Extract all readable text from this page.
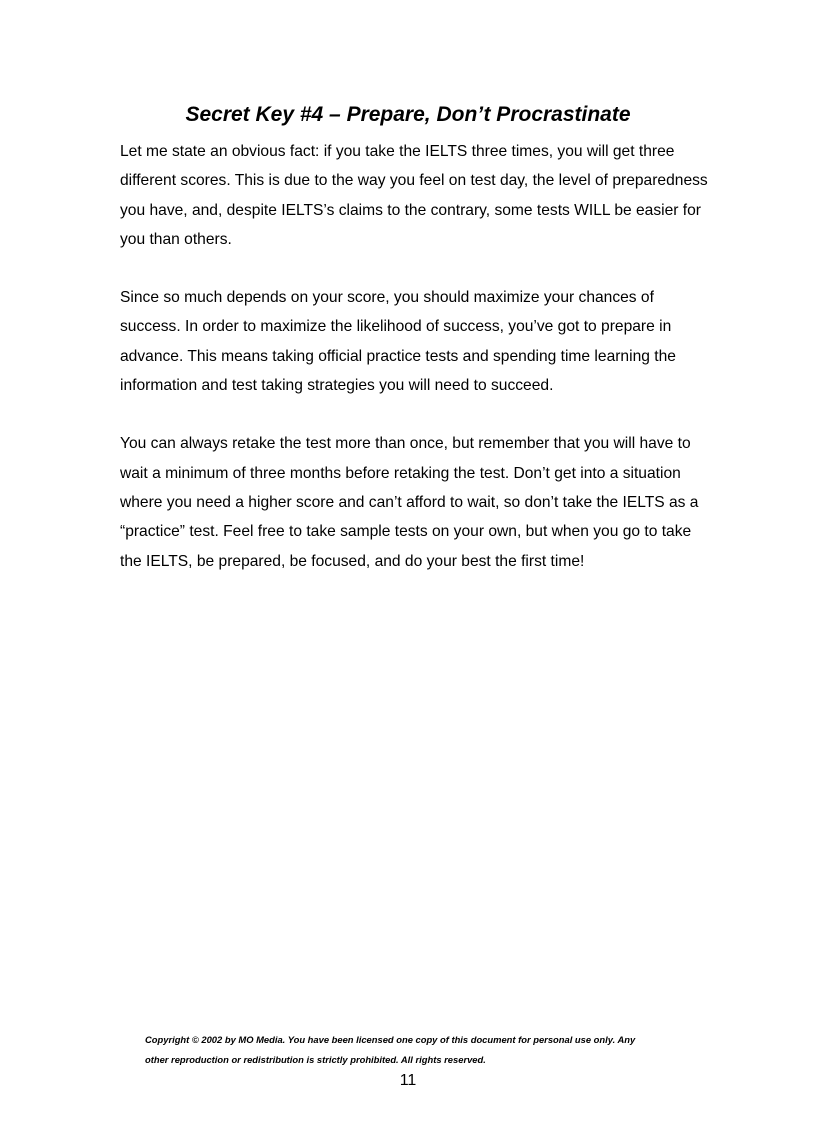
Secret Key #4 – Prepare, Don’t Procrastinate

Let me state an obvious fact: if you take the IELTS three times, you will get three different scores. This is due to the way you feel on test day, the level of preparedness you have, and, despite IELTS’s claims to the contrary, some tests WILL be easier for you than others.

Since so much depends on your score, you should maximize your chances of success. In order to maximize the likelihood of success, you’ve got to prepare in advance. This means taking official practice tests and spending time learning the information and test taking strategies you will need to succeed.

You can always retake the test more than once, but remember that you will have to wait a minimum of three months before retaking the test. Don’t get into a situation where you need a higher score and can’t afford to wait, so don’t take the IELTS as a “practice” test. Feel free to take sample tests on your own, but when you go to take the IELTS, be prepared, be focused, and do your best the first time!

Copyright © 2002 by MO Media. You have been licensed one copy of this document for personal use only. Any
other reproduction or redistribution is strictly prohibited. All rights reserved.
11
